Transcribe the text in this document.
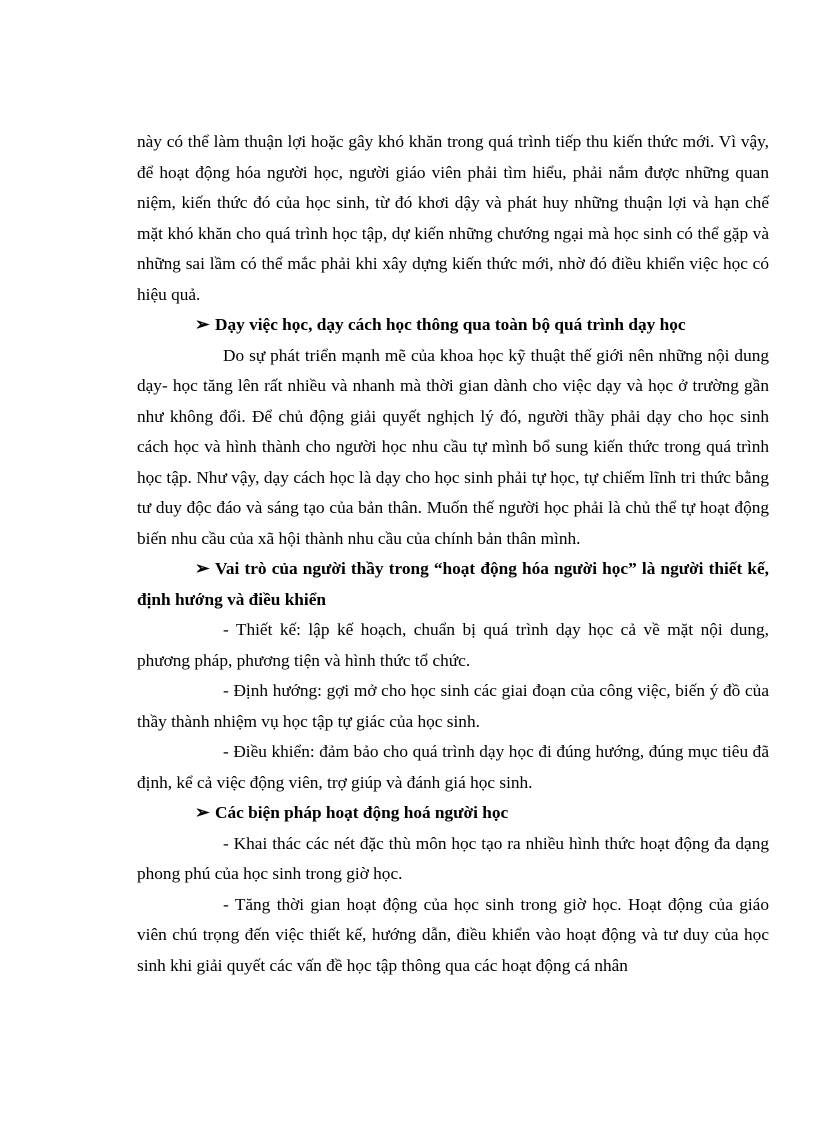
này có thể làm thuận lợi hoặc gây khó khăn trong quá trình tiếp thu kiến thức mới. Vì vậy, để hoạt động hóa người học, người giáo viên phải tìm hiểu, phải nắm được những quan niệm, kiến thức đó của học sinh, từ đó khơi dậy và phát huy những thuận lợi và hạn chế mặt khó khăn cho quá trình học tập, dự kiến những chướng ngại mà học sinh có thể gặp và những sai lầm có thể mắc phải khi xây dựng kiến thức mới, nhờ đó điều khiển việc học có hiệu quả.

➢ Dạy việc học, dạy cách học thông qua toàn bộ quá trình dạy học

Do sự phát triển mạnh mẽ của khoa học kỹ thuật thế giới nên những nội dung dạy- học tăng lên rất nhiều và nhanh mà thời gian dành cho việc dạy và học ở trường gần như không đổi. Để chủ động giải quyết nghịch lý đó, người thầy phải dạy cho học sinh cách học và hình thành cho người học nhu cầu tự mình bổ sung kiến thức trong quá trình học tập. Như vậy, dạy cách học là dạy cho học sinh phải tự học, tự chiếm lĩnh tri thức bằng tư duy độc đáo và sáng tạo của bản thân. Muốn thế người học phải là chủ thể tự hoạt động biến nhu cầu của xã hội thành nhu cầu của chính bản thân mình.

➢ Vai trò của người thầy trong “hoạt động hóa người học” là người thiết kế, định hướng và điều khiển

- Thiết kế: lập kế hoạch, chuẩn bị quá trình dạy học cả về mặt nội dung, phương pháp, phương tiện và hình thức tổ chức.

- Định hướng: gợi mở cho học sinh các giai đoạn của công việc, biến ý đồ của thầy thành nhiệm vụ học tập tự giác của học sinh.

- Điều khiển: đảm bảo cho quá trình dạy học đi đúng hướng, đúng mục tiêu đã định, kể cả việc động viên, trợ giúp và đánh giá học sinh.

➢ Các biện pháp hoạt động hoá người học

- Khai thác các nét đặc thù môn học tạo ra nhiều hình thức hoạt động đa dạng phong phú của học sinh trong giờ học.

- Tăng thời gian hoạt động của học sinh trong giờ học. Hoạt động của giáo viên chú trọng đến việc thiết kế, hướng dẫn, điều khiển vào hoạt động và tư duy của học sinh khi giải quyết các vấn đề học tập thông qua các hoạt động cá nhân
